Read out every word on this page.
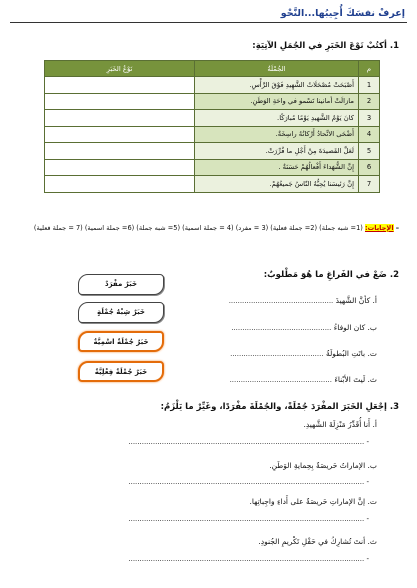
إعرفْ نفسَكَ أُجِيبُها...النَّحْو
1. أكتُبْ نَوْعَ الخَبَرِ في الجُمَلِ الآتِيَةِ:
م	الجُمْلَةُ	نَوْعُ الخَبَرِ
1	أَصْبَحَتْ مُصْحَلَاتُ الشَّهِيدِ فَوْقَ الرَّأْسِ.	
2	مازالَتْ أمانينا تَسْمو في واحَةِ الوَطَنِ.	
3	كانَ يَوْمُ الشَّهيدِ يَوْمًا مُبارَكًا.	
4	أَضْحَى الاتِّحادُ أَرْكانُهُ راسِخَةٌ.	
5	لَعَلَّ القَصيدَةَ مِنْ أَجْلِ ما قُرِّرَتْ.	
6	إِنَّ الشُّهَداءَ أَفْعالُهُمْ حَسَنَةٌ .	
7	إِنَّ رَئيسَنا يُحِبُّهُ النّاسُ جَميعُهُمْ.	
– الإجابات: (1= شبه جملة) (2= جملة فعلية) (3 = مفرد) (4 = جملة اسمية) (5= شبه جملة) (6= جملة اسمية) (7 = جملة فعلية)
2. ضَعْ في الفَراغِ ما هُوَ مَطْلوبٌ:
خَبَرٌ مفْرَدٌ
خَبَرٌ شِبْهُ جُمْلَةٍ
خَبَرٌ جُمْلَةٌ اسْمِيَّةٌ
خَبَرٌ جُمْلَةٌ فِعْلِيَّةٌ
أ. كأنَّ الشَّهيدَ ...............................................
ب. كان الوفاءُ .............................................
ت. باتَتِ البُطولَةُ ..........................................
ث. لَيتَ الأبْناءَ ..............................................
3. إجْعَلِ الخَبَرَ المفْرَدَ جُمْلَةً، والجُمْلَةَ مفْرَدًا، وغَيِّرْ ما يَلْزَمُ:
أ. أَنا أُقَدِّرُ مَنْزِلَةَ الشَّهيدِ.
- ..........................................................................................................
ب. الإماراتُ حَريصَةٌ بِحِمايةِ الوَطَنِ.
- ..........................................................................................................
ت. إنَّ الإماراتِ حَريصَةٌ على أَداءِ واجِباتِها.
- ..........................................................................................................
ث. أنتَ تُشارِكُ في حَفْلِ تَكْريمِ الجُنودِ.
- ..........................................................................................................
